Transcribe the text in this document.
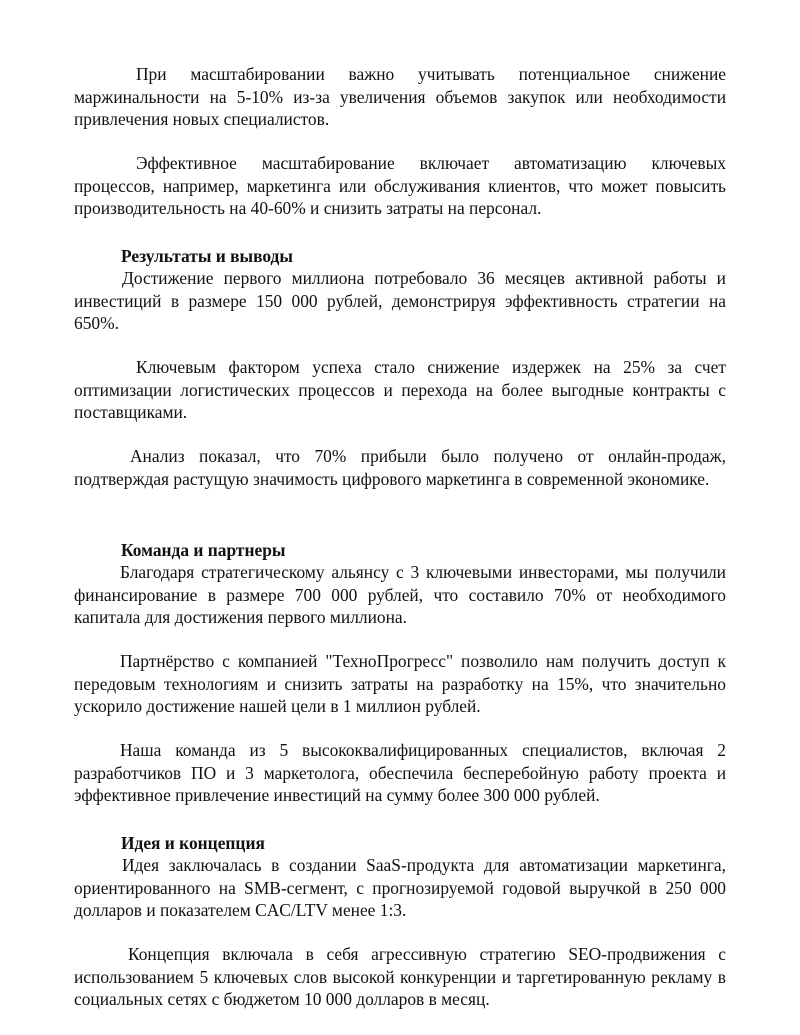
При масштабировании важно учитывать потенциальное снижение маржинальности на 5-10% из-за увеличения объемов закупок или необходимости привлечения новых специалистов.

Эффективное масштабирование включает автоматизацию ключевых процессов, например, маркетинга или обслуживания клиентов, что может повысить производительность на 40-60% и снизить затраты на персонал.

Результаты и выводы

Достижение первого миллиона потребовало 36 месяцев активной работы и инвестиций в размере 150 000 рублей, демонстрируя эффективность стратегии на 650%.

Ключевым фактором успеха стало снижение издержек на 25% за счет оптимизации логистических процессов и перехода на более выгодные контракты с поставщиками.

Анализ показал, что 70% прибыли было получено от онлайн-продаж, подтверждая растущую значимость цифрового маркетинга в современной экономике.

Команда и партнеры

Благодаря стратегическому альянсу с 3 ключевыми инвесторами, мы получили финансирование в размере 700 000 рублей, что составило 70% от необходимого капитала для достижения первого миллиона.

Партнёрство с компанией "ТехноПрогресс" позволило нам получить доступ к передовым технологиям и снизить затраты на разработку на 15%, что значительно ускорило достижение нашей цели в 1 миллион рублей.

Наша команда из 5 высококвалифицированных специалистов, включая 2 разработчиков ПО и 3 маркетолога, обеспечила бесперебойную работу проекта и эффективное привлечение инвестиций на сумму более 300 000 рублей.

Идея и концепция

Идея заключалась в создании SaaS-продукта для автоматизации маркетинга, ориентированного на SMB-сегмент, с прогнозируемой годовой выручкой в 250 000 долларов и показателем CAC/LTV менее 1:3.

Концепция включала в себя агрессивную стратегию SEO-продвижения с использованием 5 ключевых слов высокой конкуренции и таргетированную рекламу в социальных сетях с бюджетом 10 000 долларов в месяц.
